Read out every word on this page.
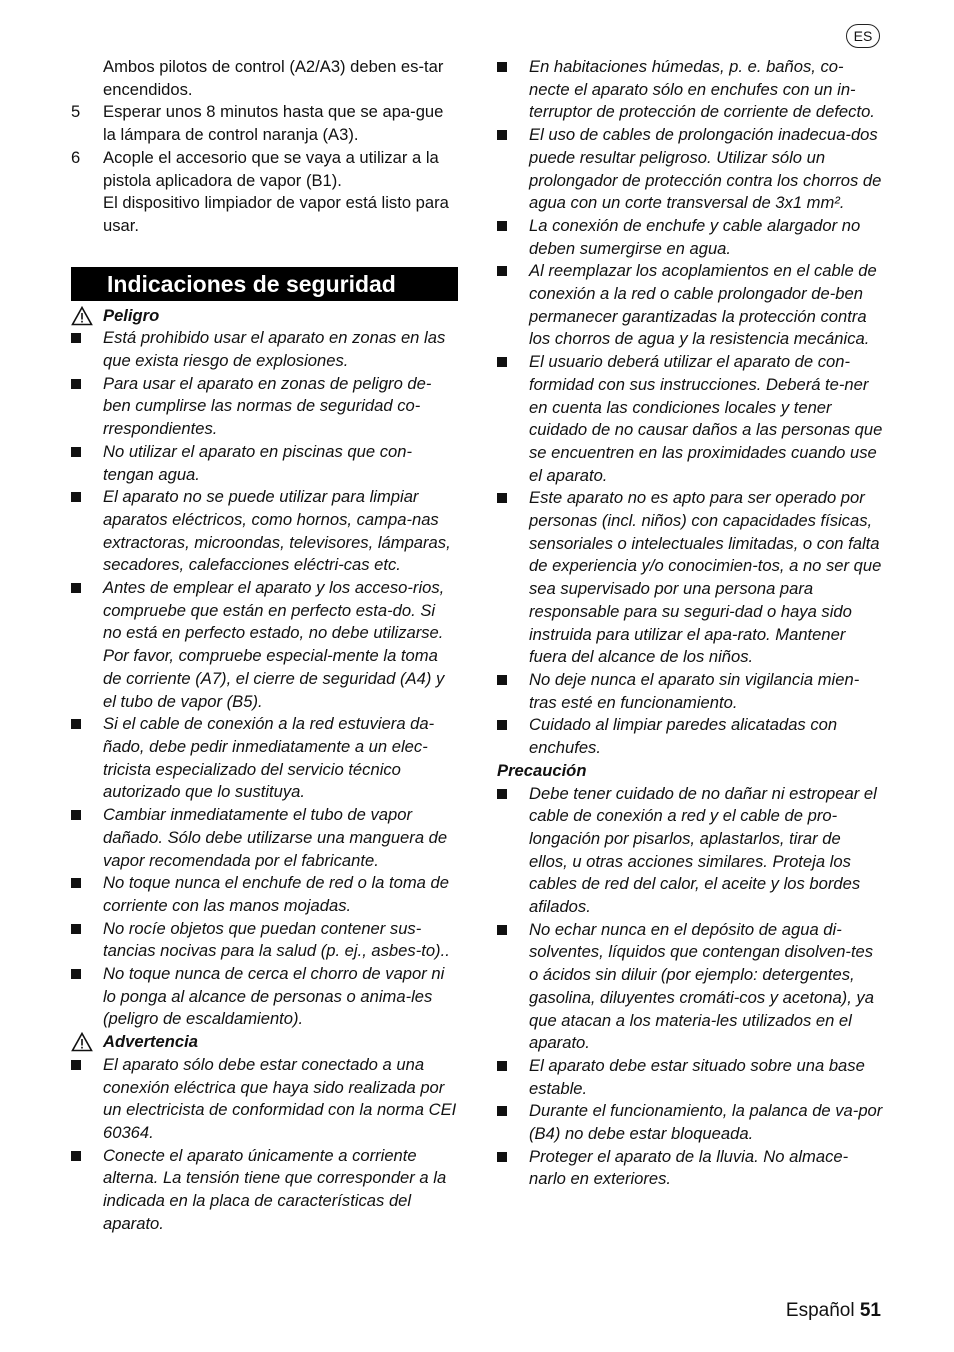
ES
Ambos pilotos de control (A2/A3) deben es-tar encendidos.
5 Esperar unos 8 minutos hasta que se apa-gue la lámpara de control naranja (A3).
6 Acople el accesorio que se vaya a utilizar a la pistola aplicadora de vapor (B1).
El dispositivo limpiador de vapor está listo para usar.
Indicaciones de seguridad
Peligro
Está prohibido usar el aparato en zonas en las que exista riesgo de explosiones.
Para usar el aparato en zonas de peligro de-ben cumplirse las normas de seguridad co-rrespondientes.
No utilizar el aparato en piscinas que con-tengan agua.
El aparato no se puede utilizar para limpiar aparatos eléctricos, como hornos, campa-nas extractoras, microondas, televisores, lámparas, secadores, calefacciones eléctri-cas etc.
Antes de emplear el aparato y los acceso-rios, compruebe que están en perfecto esta-do. Si no está en perfecto estado, no debe utilizarse. Por favor, compruebe especial-mente la toma de corriente (A7), el cierre de seguridad (A4) y el tubo de vapor (B5).
Si el cable de conexión a la red estuviera da-ñado, debe pedir inmediatamente a un elec-tricista especializado del servicio técnico autorizado que lo sustituya.
Cambiar inmediatamente el tubo de vapor dañado. Sólo debe utilizarse una manguera de vapor recomendada por el fabricante.
No toque nunca el enchufe de red o la toma de corriente con las manos mojadas.
No rocíe objetos que puedan contener sus-tancias nocivas para la salud (p. ej., asbes-to)..
No toque nunca de cerca el chorro de vapor ni lo ponga al alcance de personas o anima-les (peligro de escaldamiento).
Advertencia
El aparato sólo debe estar conectado a una conexión eléctrica que haya sido realizada por un electricista de conformidad con la norma CEI 60364.
Conecte el aparato únicamente a corriente alterna. La tensión tiene que corresponder a la indicada en la placa de características del aparato.
En habitaciones húmedas, p. e. baños, co-necte el aparato sólo en enchufes con un in-terruptor de protección de corriente de defecto.
El uso de cables de prolongación inadecua-dos puede resultar peligroso. Utilizar sólo un prolongador de protección contra los chorros de agua con un corte transversal de 3x1 mm².
La conexión de enchufe y cable alargador no deben sumergirse en agua.
Al reemplazar los acoplamientos en el cable de conexión a la red o cable prolongador de-ben permanecer garantizadas la protección contra los chorros de agua y la resistencia mecánica.
El usuario deberá utilizar el aparato de con-formidad con sus instrucciones. Deberá te-ner en cuenta las condiciones locales y tener cuidado de no causar daños a las personas que se encuentren en las proximidades cuando use el aparato.
Este aparato no es apto para ser operado por personas (incl. niños) con capacidades físicas, sensoriales o intelectuales limitadas, o con falta de experiencia y/o conocimien-tos, a no ser que sea supervisado por una persona para responsable para su seguri-dad o haya sido instruida para utilizar el apa-rato. Mantener fuera del alcance de los niños.
No deje nunca el aparato sin vigilancia mien-tras esté en funcionamiento.
Cuidado al limpiar paredes alicatadas con enchufes.
Precaución
Debe tener cuidado de no dañar ni estropear el cable de conexión a red y el cable de pro-longación por pisarlos, aplastarlos, tirar de ellos, u otras acciones similares. Proteja los cables de red del calor, el aceite y los bordes afilados.
No echar nunca en el depósito de agua di-solventes, líquidos que contengan disolven-tes o ácidos sin diluir (por ejemplo: detergentes, gasolina, diluyentes cromáti-cos y acetona), ya que atacan a los materia-les utilizados en el aparato.
El aparato debe estar situado sobre una base estable.
Durante el funcionamiento, la palanca de va-por (B4) no debe estar bloqueada.
Proteger el aparato de la lluvia. No almace-narlo en exteriores.
Español 51
